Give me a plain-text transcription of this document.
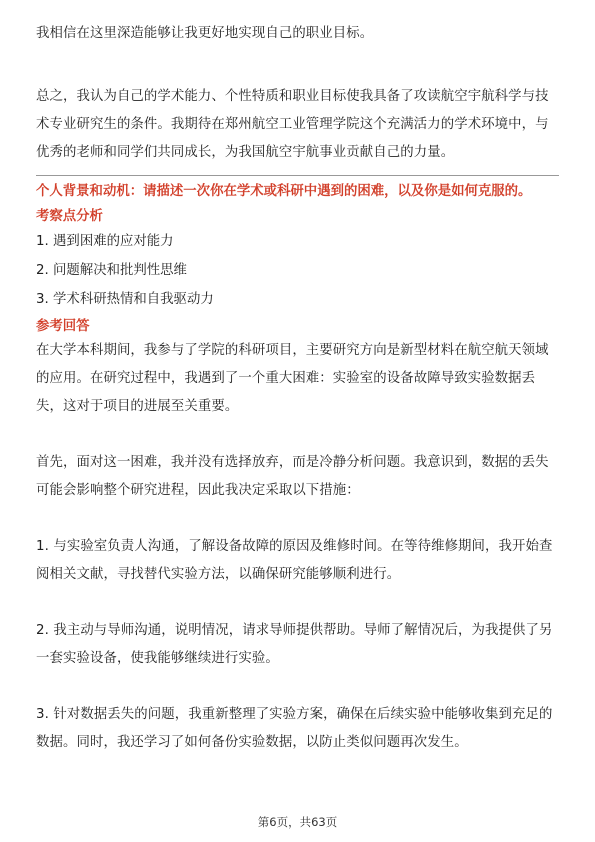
我相信在这里深造能够让我更好地实现自己的职业目标。

总之，我认为自己的学术能力、个性特质和职业目标使我具备了攻读航空宇航科学与技术专业研究生的条件。我期待在郑州航空工业管理学院这个充满活力的学术环境中，与优秀的老师和同学们共同成长，为我国航空宇航事业贡献自己的力量。

个人背景和动机：请描述一次你在学术或科研中遇到的困难，以及你是如何克服的。

考察点分析

1. 遇到困难的应对能力

2. 问题解决和批判性思维

3. 学术科研热情和自我驱动力

参考回答

在大学本科期间，我参与了学院的科研项目，主要研究方向是新型材料在航空航天领域的应用。在研究过程中，我遇到了一个重大困难：实验室的设备故障导致实验数据丢失，这对于项目的进展至关重要。

首先，面对这一困难，我并没有选择放弃，而是冷静分析问题。我意识到，数据的丢失可能会影响整个研究进程，因此我决定采取以下措施：

1. 与实验室负责人沟通，了解设备故障的原因及维修时间。在等待维修期间，我开始查阅相关文献，寻找替代实验方法，以确保研究能够顺利进行。

2. 我主动与导师沟通，说明情况，请求导师提供帮助。导师了解情况后，为我提供了另一套实验设备，使我能够继续进行实验。

3. 针对数据丢失的问题，我重新整理了实验方案，确保在后续实验中能够收集到充足的数据。同时，我还学习了如何备份实验数据，以防止类似问题再次发生。

第6页，共63页
